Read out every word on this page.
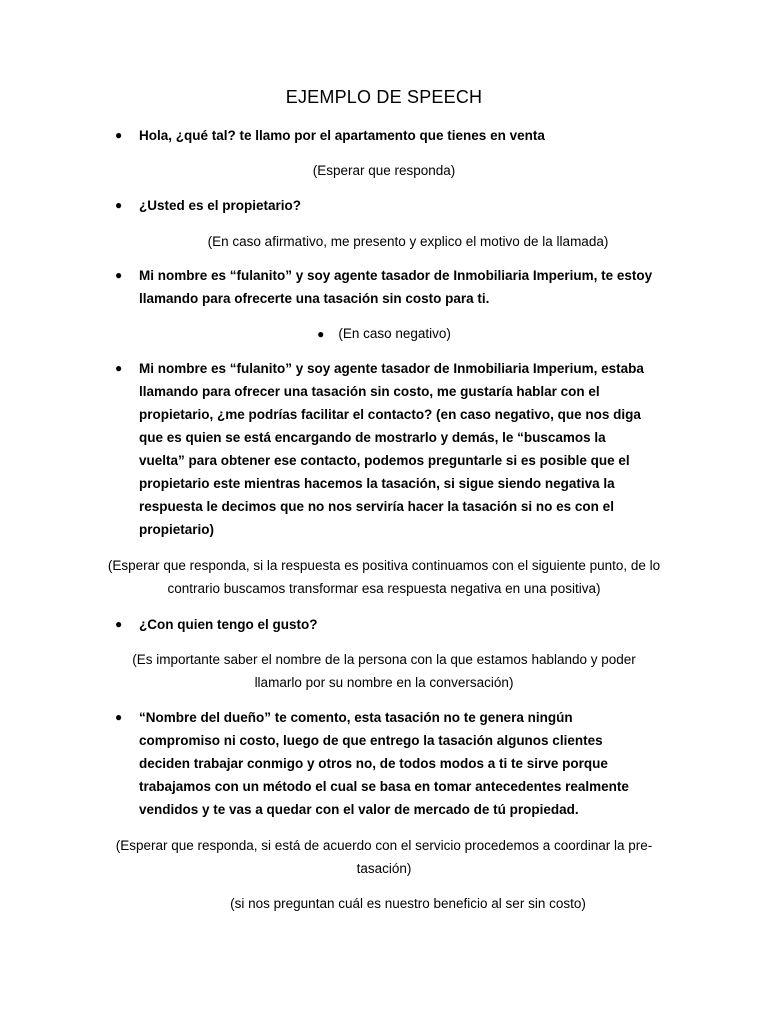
EJEMPLO DE SPEECH
● Hola, ¿qué tal? te llamo por el apartamento que tienes en venta
(Esperar que responda)
● ¿Usted es el propietario?
(En caso afirmativo, me presento y explico el motivo de la llamada)
● Mi nombre es “fulanito” y soy agente tasador de Inmobiliaria Imperium, te estoy llamando para ofrecerte una tasación sin costo para ti.
● (En caso negativo)
● Mi nombre es “fulanito” y soy agente tasador de Inmobiliaria Imperium, estaba llamando para ofrecer una tasación sin costo, me gustaría hablar con el propietario, ¿me podrías facilitar el contacto? (en caso negativo, que nos diga que es quien se está encargando de mostrarlo y demás, le “buscamos la vuelta” para obtener ese contacto, podemos preguntarle si es posible que el propietario este mientras hacemos la tasación, si sigue siendo negativa la respuesta le decimos que no nos serviría hacer la tasación si no es con el propietario)
(Esperar que responda, si la respuesta es positiva continuamos con el siguiente punto, de lo contrario buscamos transformar esa respuesta negativa en una positiva)
● ¿Con quien tengo el gusto?
(Es importante saber el nombre de la persona con la que estamos hablando y poder llamarlo por su nombre en la conversación)
● “Nombre del dueño” te comento, esta tasación no te genera ningún compromiso ni costo, luego de que entrego la tasación algunos clientes deciden trabajar conmigo y otros no, de todos modos a ti te sirve porque trabajamos con un método el cual se basa en tomar antecedentes realmente vendidos y te vas a quedar con el valor de mercado de tú propiedad.
(Esperar que responda, si está de acuerdo con el servicio procedemos a coordinar la pre-tasación)
(si nos preguntan cuál es nuestro beneficio al ser sin costo)
